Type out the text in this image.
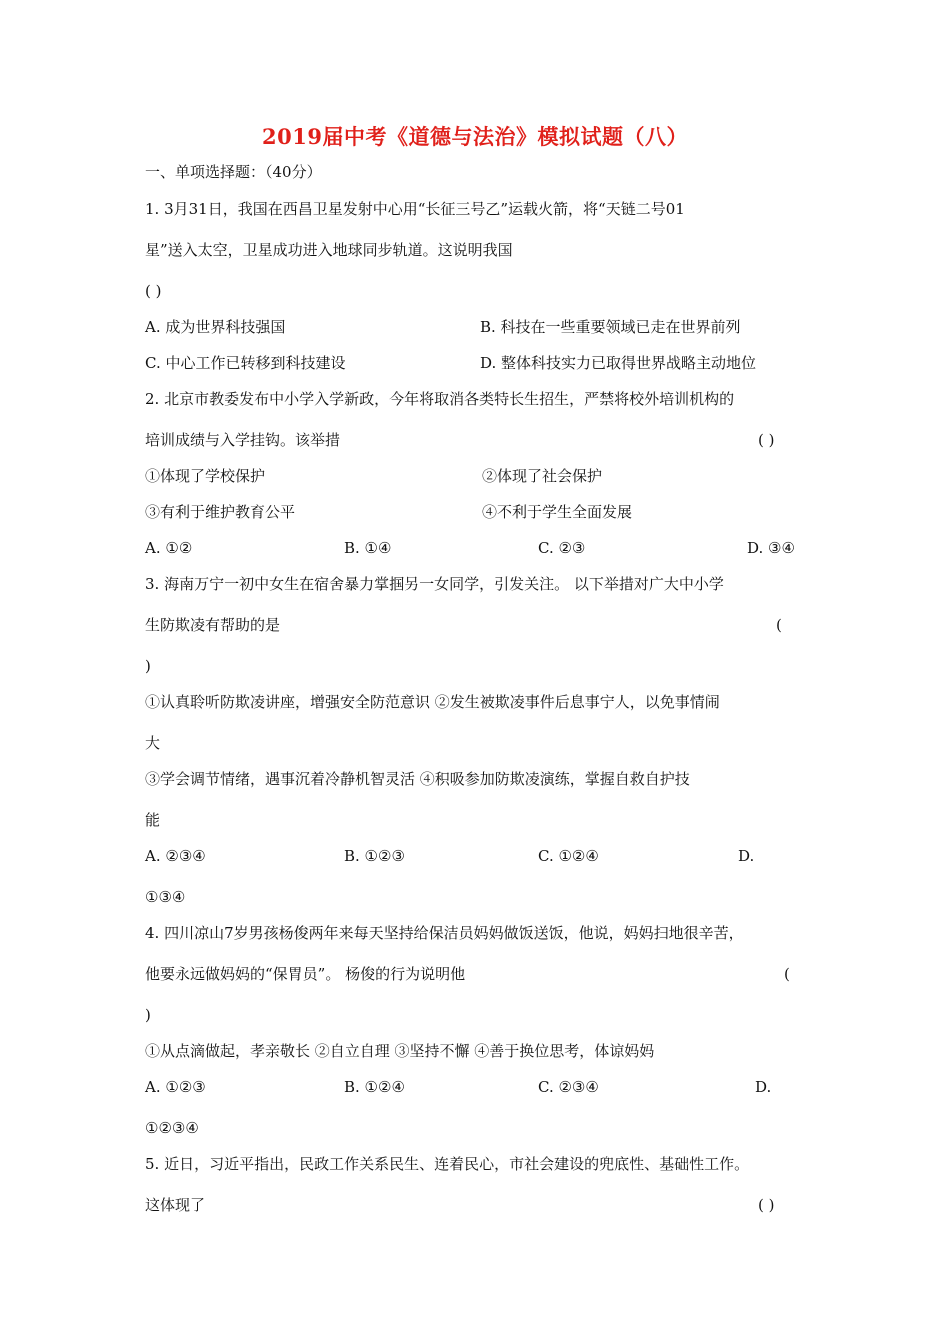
2019届中考《道德与法治》模拟试题（八）
一、单项选择题：（40分）
1. 3月31日，我国在西昌卫星发射中心用“长征三号乙”运载火箭，将“天链二号01
星”送入太空，卫星成功进入地球同步轨道。这说明我国
( )
A. 成为世界科技强国	B. 科技在一些重要领域已走在世界前列
C. 中心工作已转移到科技建设	D. 整体科技实力已取得世界战略主动地位
2. 北京市教委发布中小学入学新政，今年将取消各类特长生招生，严禁将校外培训机构的
培训成绩与入学挂钩。该举措	( )
①体现了学校保护	②体现了社会保护
③有利于维护教育公平	④不利于学生全面发展
A. ①②	B. ①④	C. ②③	D. ③④
3. 海南万宁一初中女生在宿舍暴力掌掴另一女同学，引发关注。 以下举措对广大中小学
生防欺凌有帮助的是	(
)
①认真聆听防欺凌讲座，增强安全防范意识 ②发生被欺凌事件后息事宁人，以免事情闹
大
③学会调节情绪，遇事沉着冷静机智灵活 ④积吸参加防欺凌演练，掌握自救自护技
能
A. ②③④	B. ①②③	C. ①②④	D.
①③④
4. 四川凉山7岁男孩杨俊两年来每天坚持给保洁员妈妈做饭送饭，他说，妈妈扫地很辛苦，
他要永远做妈妈的“保胃员”。 杨俊的行为说明他	(
)
①从点滴做起，孝亲敬长 ②自立自理 ③坚持不懈 ④善于换位思考，体谅妈妈
A. ①②③	B. ①②④	C. ②③④	D.
①②③④
5. 近日，习近平指出，民政工作关系民生、连着民心，市社会建设的兜底性、基础性工作。
这体现了	( )
